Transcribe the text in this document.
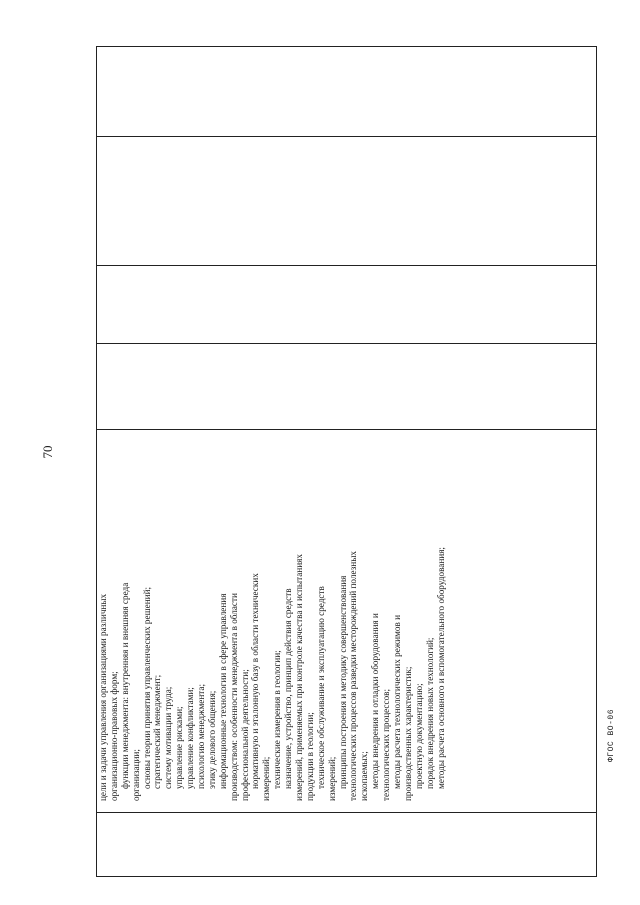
70
цели и задачи управления организациями различных организационно-правовых форм; функции менеджмента: внутренняя и внешняя среда организации; основы теории принятия управленческих решений; стратегический менеджмент; систему мотивации труда; управление рисками; управление конфликтами; психологию менеджмента; этику делового общения; информационные технологии в сфере управления производством: особенности менеджмента в области профессиональной деятельности; нормативную и эталонную базу в области технических измерений; технические измерения в геологии; назначение, устройство, принцип действия средств измерений, применяемых при контроле качества и испытаниях продукции в геологии; техническое обслуживание и эксплуатацию средств измерений; принципы построения и методику совершенствования технологических процессов разведки месторождений полезных ископаемых; методы внедрения и отладки оборудования и технологических процессов; методы расчета технологических режимов и производственных характеристик; проектную документацию; порядок внедрения новых технологий; методы расчета основного и вспомогательного оборудования;	ФГОС ВО-06
